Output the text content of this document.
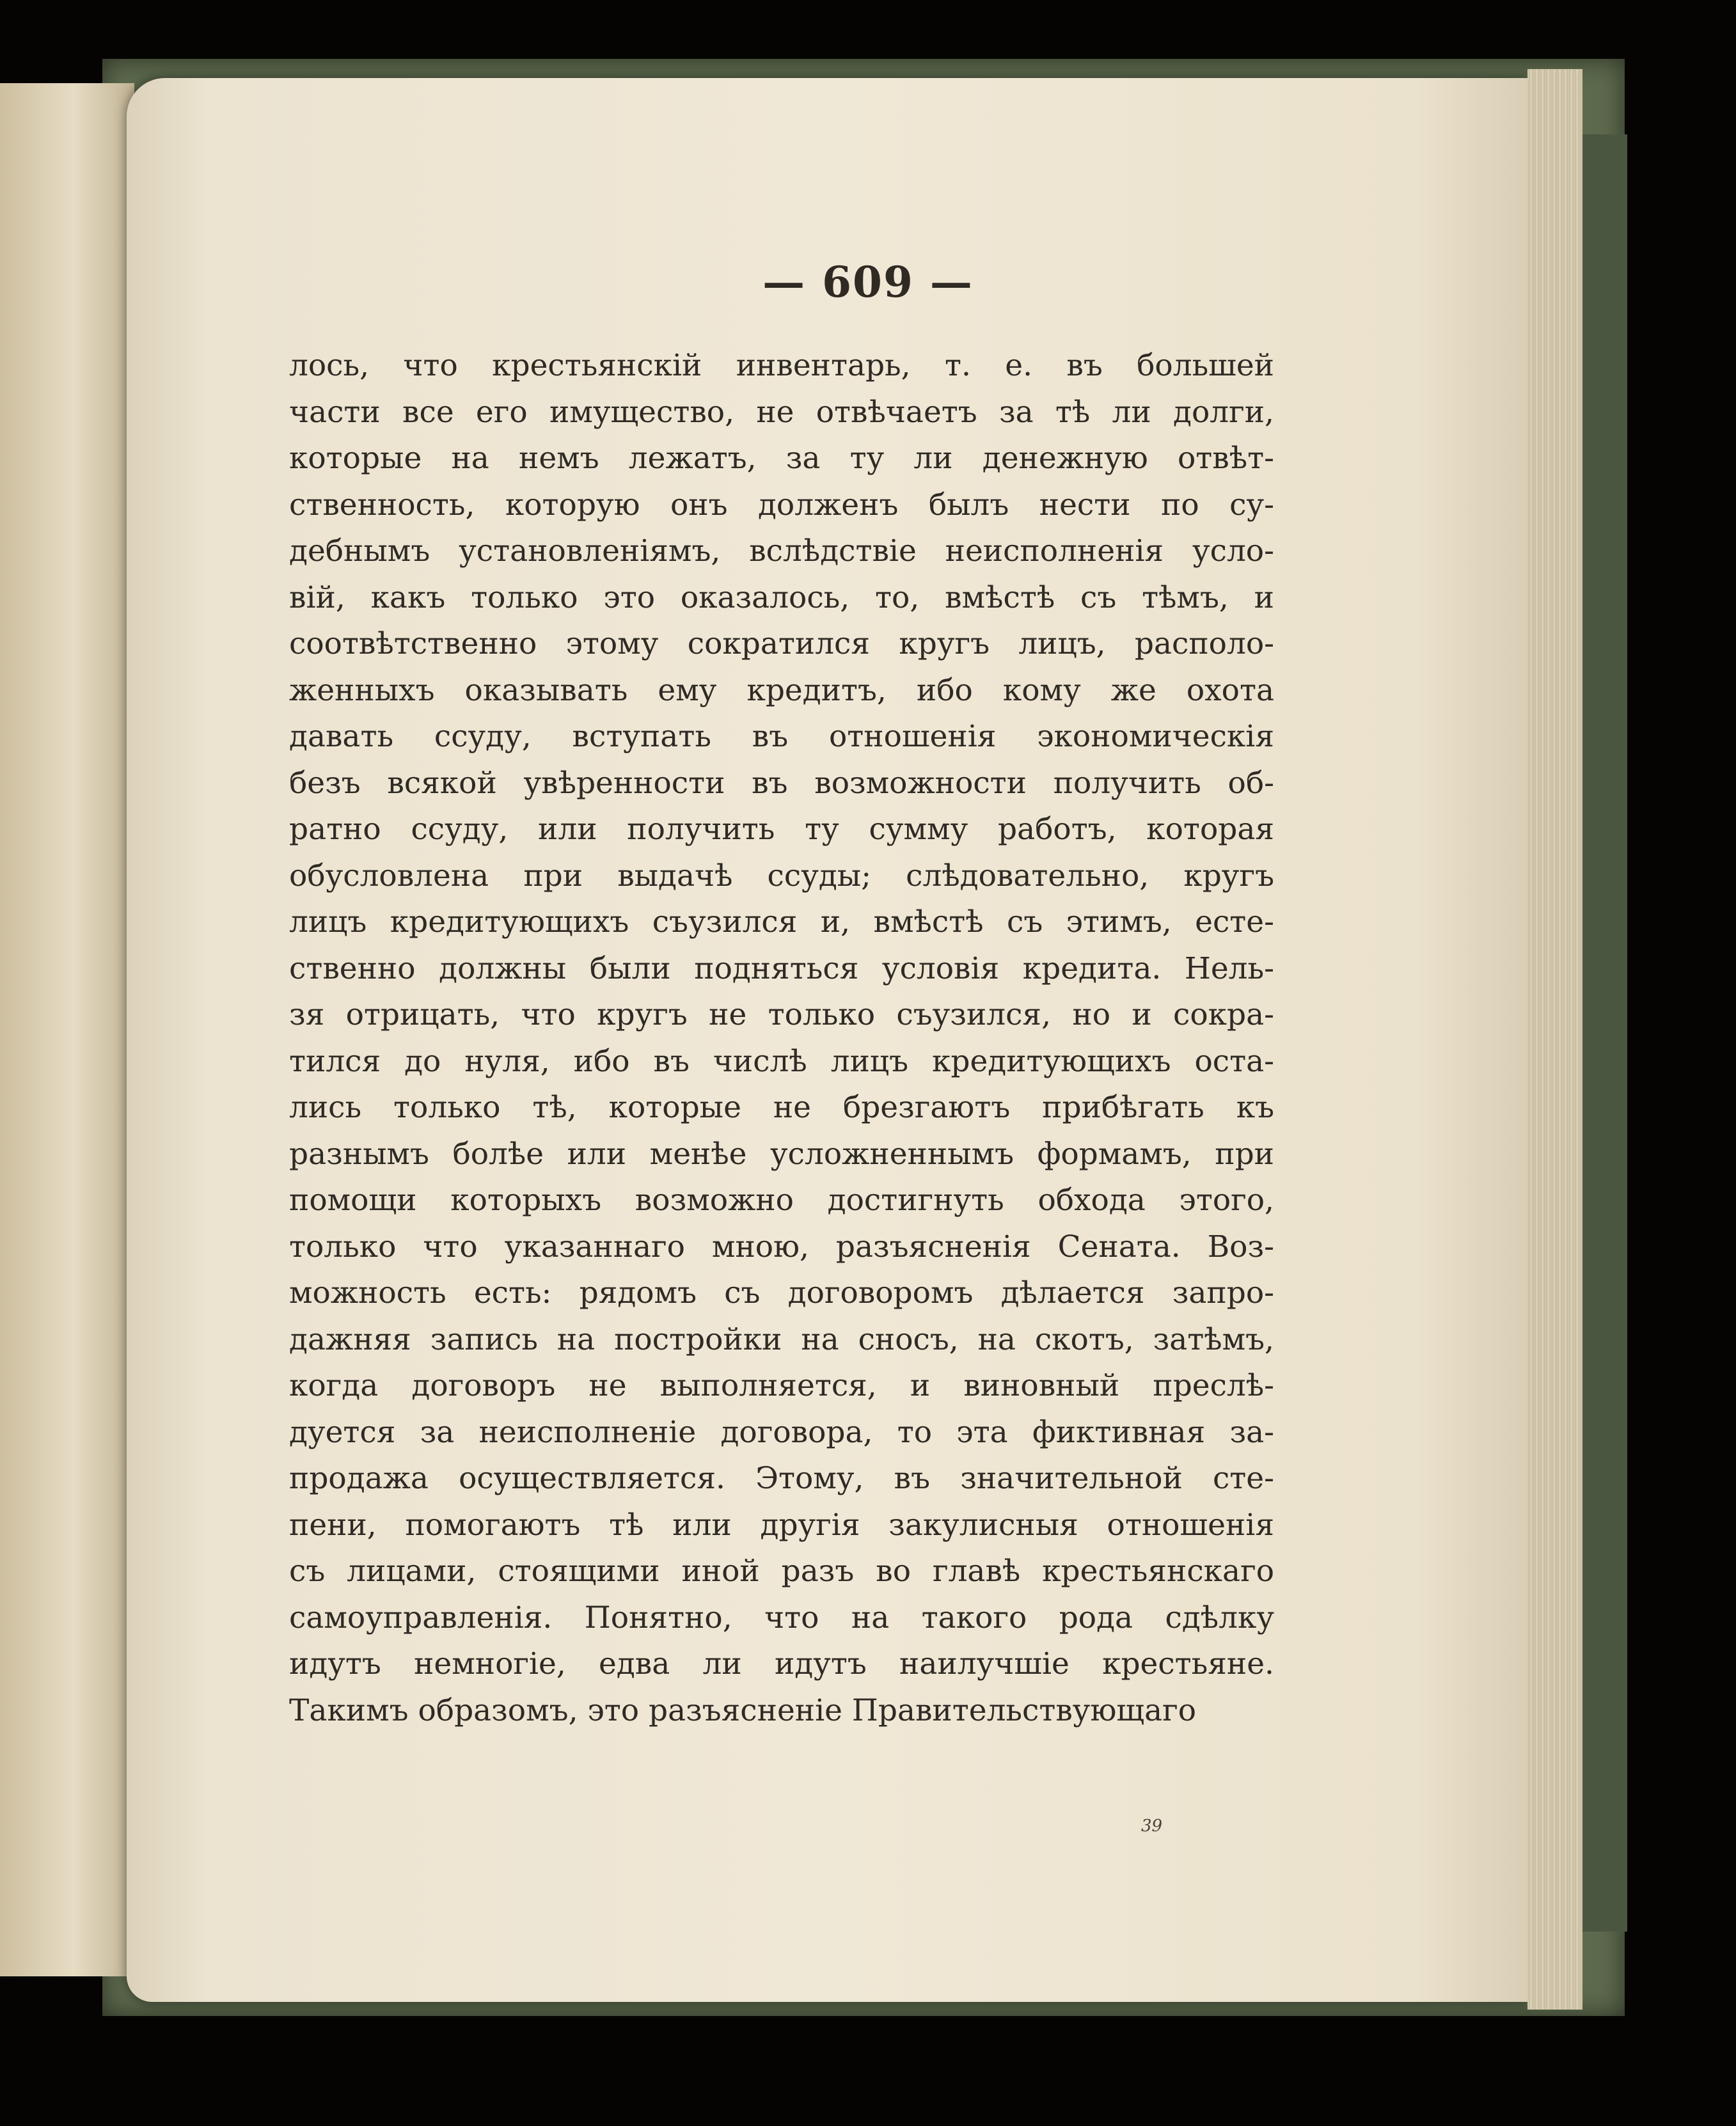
— 609 —
лось, что крестьянскій инвентарь, т. е. въ большей
части все его имущество, не отвѣчаетъ за тѣ ли долги,
которые на немъ лежатъ, за ту ли денежную отвѣт-
ственность, которую онъ долженъ былъ нести по су-
дебнымъ установленіямъ, вслѣдствіе неисполненія усло-
вій, какъ только это оказалось, то, вмѣстѣ съ тѣмъ, и
соотвѣтственно этому сократился кругъ лицъ, располо-
женныхъ оказывать ему кредитъ, ибо кому же охота
давать ссуду, вступать въ отношенія экономическія
безъ всякой увѣренности въ возможности получить об-
ратно ссуду, или получить ту сумму работъ, которая
обусловлена при выдачѣ ссуды; слѣдовательно, кругъ
лицъ кредитующихъ съузился и, вмѣстѣ съ этимъ, есте-
ственно должны были подняться условія кредита. Нель-
зя отрицать, что кругъ не только съузился, но и сокра-
тился до нуля, ибо въ числѣ лицъ кредитующихъ оста-
лись только тѣ, которые не брезгаютъ прибѣгать къ
разнымъ болѣе или менѣе усложненнымъ формамъ, при
помощи которыхъ возможно достигнуть обхода этого,
только что указаннаго мною, разъясненія Сената. Воз-
можность есть: рядомъ съ договоромъ дѣлается запро-
дажняя запись на постройки на сносъ, на скотъ, затѣмъ,
когда договоръ не выполняется, и виновный преслѣ-
дуется за неисполненіе договора, то эта фиктивная за-
продажа осуществляется. Этому, въ значительной сте-
пени, помогаютъ тѣ или другія закулисныя отношенія
съ лицами, стоящими иной разъ во главѣ крестьянскаго
самоуправленія. Понятно, что на такого рода сдѣлку
идутъ немногіе, едва ли идутъ наилучшіе крестьяне.
Такимъ образомъ, это разъясненіе Правительствующаго
39
